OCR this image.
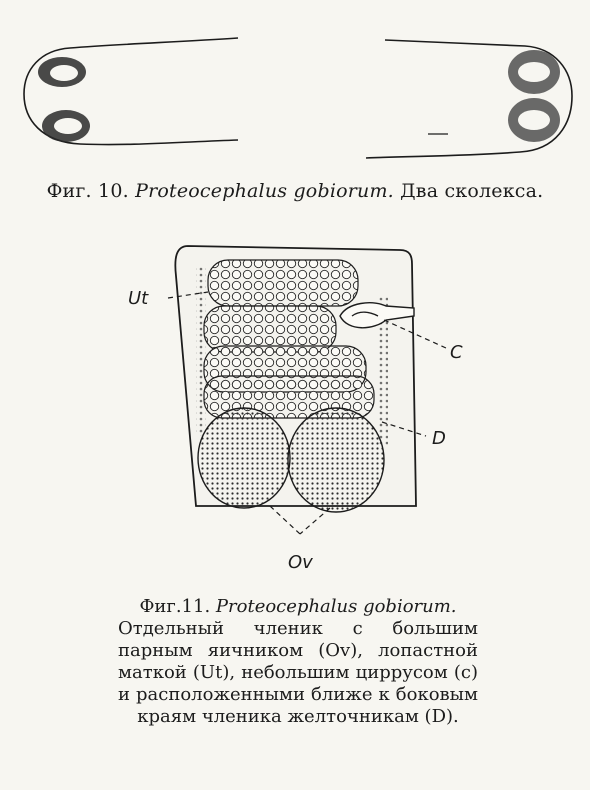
Фиг. 10. Proteocephalus gobiorum. Два сколекса.
Ut
C
D
Ov
Фиг.11. Proteocephalus gobiorum.
Отдельный членик с большим парным яичником (Ov), лопастной маткой (Ut), небольшим циррусом (c) и расположенными ближе к боковым краям членика желточникам (D).
